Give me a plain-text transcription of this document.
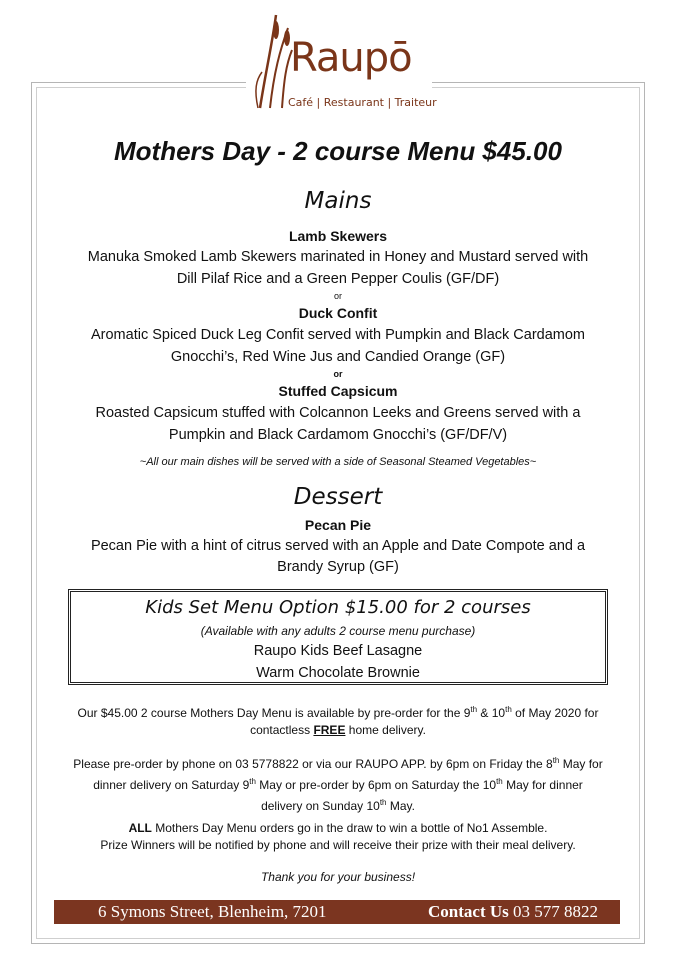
Raupō
Café | Restaurant | Traiteur
Mothers Day - 2 course Menu $45.00
Mains
Lamb Skewers
Manuka Smoked Lamb Skewers marinated in Honey and Mustard served with
Dill Pilaf Rice and a Green Pepper Coulis (GF/DF)
or
Duck Confit
Aromatic Spiced Duck Leg Confit served with Pumpkin and Black Cardamom
Gnocchi’s, Red Wine Jus and Candied Orange (GF)
or
Stuffed Capsicum
Roasted Capsicum stuffed with Colcannon Leeks and Greens served with a
Pumpkin and Black Cardamom Gnocchi’s (GF/DF/V)
~All our main dishes will be served with a side of Seasonal Steamed Vegetables~
Dessert
Pecan Pie
Pecan Pie with a hint of citrus served with an Apple and Date Compote and a
Brandy Syrup (GF)
Kids Set Menu Option $15.00 for 2 courses
(Available with any adults 2 course menu purchase)
Raupo Kids Beef Lasagne
Warm Chocolate Brownie
Our $45.00 2 course Mothers Day Menu is available by pre-order for the 9th & 10th of May 2020 for
contactless FREE home delivery.
Please pre-order by phone on 03 5778822 or via our RAUPO APP. by 6pm on Friday the 8th May for
dinner delivery on Saturday 9th May or pre-order by 6pm on Saturday the 10th May for dinner
delivery on Sunday 10th May.
ALL Mothers Day Menu orders go in the draw to win a bottle of No1 Assemble.
Prize Winners will be notified by phone and will receive their prize with their meal delivery.
Thank you for your business!
6 Symons Street, Blenheim, 7201	Contact Us 03 577 8822
